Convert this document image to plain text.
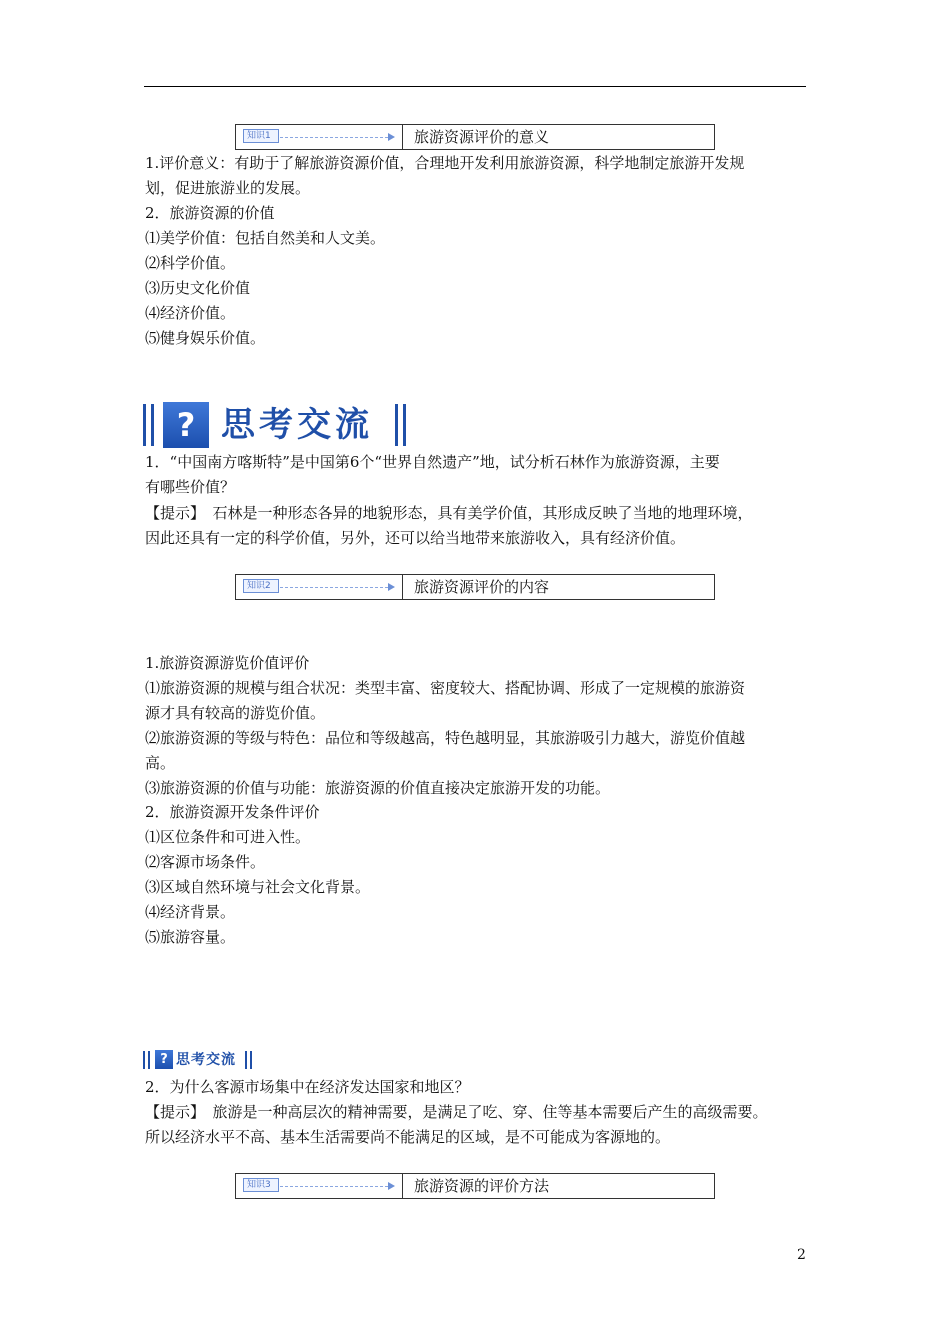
知识1	旅游资源评价的意义
1.评价意义：有助于了解旅游资源价值，合理地开发利用旅游资源，科学地制定旅游开发规
划，促进旅游业的发展。
2．旅游资源的价值
⑴美学价值：包括自然美和人文美。
⑵科学价值。
⑶历史文化价值
⑷经济价值。
⑸健身娱乐价值。
? 思考交流
1．“中国南方喀斯特”是中国第6个“世界自然遗产”地，试分析石林作为旅游资源，主要
有哪些价值？
【提示】　石林是一种形态各异的地貌形态，具有美学价值，其形成反映了当地的地理环境，
因此还具有一定的科学价值，另外，还可以给当地带来旅游收入，具有经济价值。
知识2	旅游资源评价的内容
1.旅游资源游览价值评价
⑴旅游资源的规模与组合状况：类型丰富、密度较大、搭配协调、形成了一定规模的旅游资
源才具有较高的游览价值。
⑵旅游资源的等级与特色：品位和等级越高，特色越明显，其旅游吸引力越大，游览价值越
高。
⑶旅游资源的价值与功能：旅游资源的价值直接决定旅游开发的功能。
2．旅游资源开发条件评价
⑴区位条件和可进入性。
⑵客源市场条件。
⑶区域自然环境与社会文化背景。
⑷经济背景。
⑸旅游容量。
? 思考交流
2．为什么客源市场集中在经济发达国家和地区？
【提示】　旅游是一种高层次的精神需要，是满足了吃、穿、住等基本需要后产生的高级需要。
所以经济水平不高、基本生活需要尚不能满足的区域，是不可能成为客源地的。
知识3	旅游资源的评价方法
2
